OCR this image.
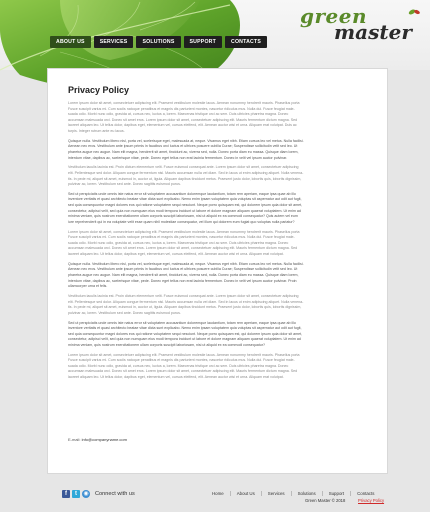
green
master
ABOUT US	SERVICES	SOLUTIONS	SUPPORT	CONTACTS
Privacy Policy
Lorem ipsum dolor sit amet, consectetuer adipiscing elit. Praesent vestibulum molestie lacus. Aenean nonummy hendrerit mauris. Phasellus porta
Fusce suscipit varius mi. Cum sociis natoque penatibus et magnis dis parturient montes, nascetur ridiculus mus. Nulla dui. Fusce feugiat male-
suada odio. Morbi nunc odio, gravida at, cursus nec, luctus a, lorem. Maecenas tristique orci ac sem. Duis ultricies pharetra magna. Donec
accumsan malesuada orci. Donec sit amet eros. Lorem ipsum dolor sit amet, consectetuer adipiscing elit. Mauris fermentum dictum magna. Sed
laoreet aliquam leo. Ut tellus dolor, dapibus eget, elementum vel, cursus eleifend, elit. Aenean auctor wisi et urna. Aliquam erat volutpat. Duis ac
turpis. Integer rutrum ante eu lacus.
Quisque nulla. Vestibulum libero nisl, porta vel, scelerisque eget, malesuada at, neque. Vivamus eget nibh. Etiam cursus leo vel metus. Nulla facilisi.
Aenean nec eros. Vestibulum ante ipsum primis in faucibus orci luctus et ultrices posuere cubilia Curae; Suspendisse sollicitudin velit sed leo. Ut
pharetra augue nec augue. Nam elit magna, hendrerit sit amet, tincidunt ac, viverra sed, nulla. Donec porta diam eu massa. Quisque diam lorem,
interdum vitae, dapibus ac, scelerisque vitae, pede. Donec eget tellus non erat lacinia fermentum. Donec in velit vel ipsum auctor pulvinar.
Vestibulum iaculis lacinia est. Proin dictum elementum velit. Fusce euismod consequat ante. Lorem ipsum dolor sit amet, consectetuer adipiscing
elit. Pellentesque sed dolor. Aliquam congue fermentum nisl. Mauris accumsan nulla vel diam. Sed in lacus ut enim adipiscing aliquet. Nulla venena-
tis. In pede mi, aliquet sit amet, euismod in, auctor ut, ligula. Aliquam dapibus tincidunt metus. Praesent justo dolor, lobortis quis, lobortis dignissim,
pulvinar ac, lorem. Vestibulum sed ante. Donec sagittis euismod purus.
Sed ut perspiciatis unde omnis iste natus error sit voluptatem accusantium doloremque laudantium, totam rem aperiam, eaque ipsa quae ab illo
inventore veritatis et quasi architecto beatae vitae dicta sunt explicabo. Nemo enim ipsam voluptatem quia voluptas sit aspernatur aut odit aut fugit,
sed quia consequuntur magni dolores eos qui ratione voluptatem sequi nesciunt. Neque porro quisquam est, qui dolorem ipsum quia dolor sit amet,
consectetur, adipisci velit, sed quia non numquam eius modi tempora incidunt ut labore et dolore magnam aliquam quaerat voluptatem. Ut enim ad
minima veniam, quis nostrum exercitationem ullam corporis suscipit laboriosam, nisi ut aliquid ex ea commodi consequatur? Quis autem vel eum
iure reprehenderit qui in ea voluptate velit esse quam nihil molestiae consequatur, vel illum qui dolorem eum fugiat quo voluptas nulla pariatur?
Lorem ipsum dolor sit amet, consectetuer adipiscing elit. Praesent vestibulum molestie lacus. Aenean nonummy hendrerit mauris. Phasellus porta
Fusce suscipit varius mi. Cum sociis natoque penatibus et magnis dis parturient montes, nascetur ridiculus mus. Nulla dui. Fusce feugiat male-
suada odio. Morbi nunc odio, gravida at, cursus nec, luctus a, lorem. Maecenas tristique orci ac sem. Duis ultricies pharetra magna. Donec
accumsan malesuada orci. Donec sit amet eros. Lorem ipsum dolor sit amet, consectetuer adipiscing elit. Mauris fermentum dictum magna. Sed
laoreet aliquam leo. Ut tellus dolor, dapibus eget, elementum vel, cursus eleifend, elit. Aenean auctor wisi et urna. Aliquam erat volutpat.
Quisque nulla. Vestibulum libero nisl, porta vel, scelerisque eget, malesuada at, neque. Vivamus eget nibh. Etiam cursus leo vel metus. Nulla facilisi.
Aenean nec eros. Vestibulum ante ipsum primis in faucibus orci luctus et ultrices posuere cubilia Curae; Suspendisse sollicitudin velit sed leo. Ut
pharetra augue nec augue. Nam elit magna, hendrerit sit amet, tincidunt ac, viverra sed, nulla. Donec porta diam eu massa. Quisque diam lorem,
interdum vitae, dapibus ac, scelerisque vitae, pede. Donec eget tellus non erat lacinia fermentum. Donec in velit vel ipsum auctor pulvinar. Proin
ullamcorper urna et felis.
Vestibulum iaculis lacinia est. Proin dictum elementum velit. Fusce euismod consequat ante. Lorem ipsum dolor sit amet, consectetuer adipiscing
elit. Pellentesque sed dolor. Aliquam congue fermentum nisl. Mauris accumsan nulla vel diam. Sed in lacus ut enim adipiscing aliquet. Nulla venena-
tis. In pede mi, aliquet sit amet, euismod in, auctor ut, ligula. Aliquam dapibus tincidunt metus. Praesent justo dolor, lobortis quis, lobortis dignissim,
pulvinar ac, lorem. Vestibulum sed ante. Donec sagittis euismod purus.
Sed ut perspiciatis unde omnis iste natus error sit voluptatem accusantium doloremque laudantium, totam rem aperiam, eaque ipsa quae ab illo
inventore veritatis et quasi architecto beatae vitae dicta sunt explicabo. Nemo enim ipsam voluptatem quia voluptas sit aspernatur aut odit aut fugit,
sed quia consequuntur magni dolores eos qui ratione voluptatem sequi nesciunt. Neque porro quisquam est, qui dolorem ipsum quia dolor sit amet,
consectetur, adipisci velit, sed quia non numquam eius modi tempora incidunt ut labore et dolore magnam aliquam quaerat voluptatem. Ut enim ad
minima veniam, quis nostrum exercitationem ullam corporis suscipit laboriosam, nisi ut aliquid ex ea commodi consequatur?
Lorem ipsum dolor sit amet, consectetuer adipiscing elit. Praesent vestibulum molestie lacus. Aenean nonummy hendrerit mauris. Phasellus porta
Fusce suscipit varius mi. Cum sociis natoque penatibus et magnis dis parturient montes, nascetur ridiculus mus. Nulla dui. Fusce feugiat male-
suada odio. Morbi nunc odio, gravida at, cursus nec, luctus a, lorem. Maecenas tristique orci ac sem. Duis ultricies pharetra magna. Donec
accumsan malesuada orci. Donec sit amet eros. Lorem ipsum dolor sit amet, consectetuer adipiscing elit. Mauris fermentum dictum magna. Sed
laoreet aliquam leo. Ut tellus dolor, dapibus eget, elementum vel, cursus eleifend, elit. Aenean auctor wisi et urna. Aliquam erat volutpat.
E-mail: info@companyname.com
f	t	◉ Connect with us	Home	About Us	Services	Solutions	Support	Contacts
Green Master © 2018	Privacy Policy
